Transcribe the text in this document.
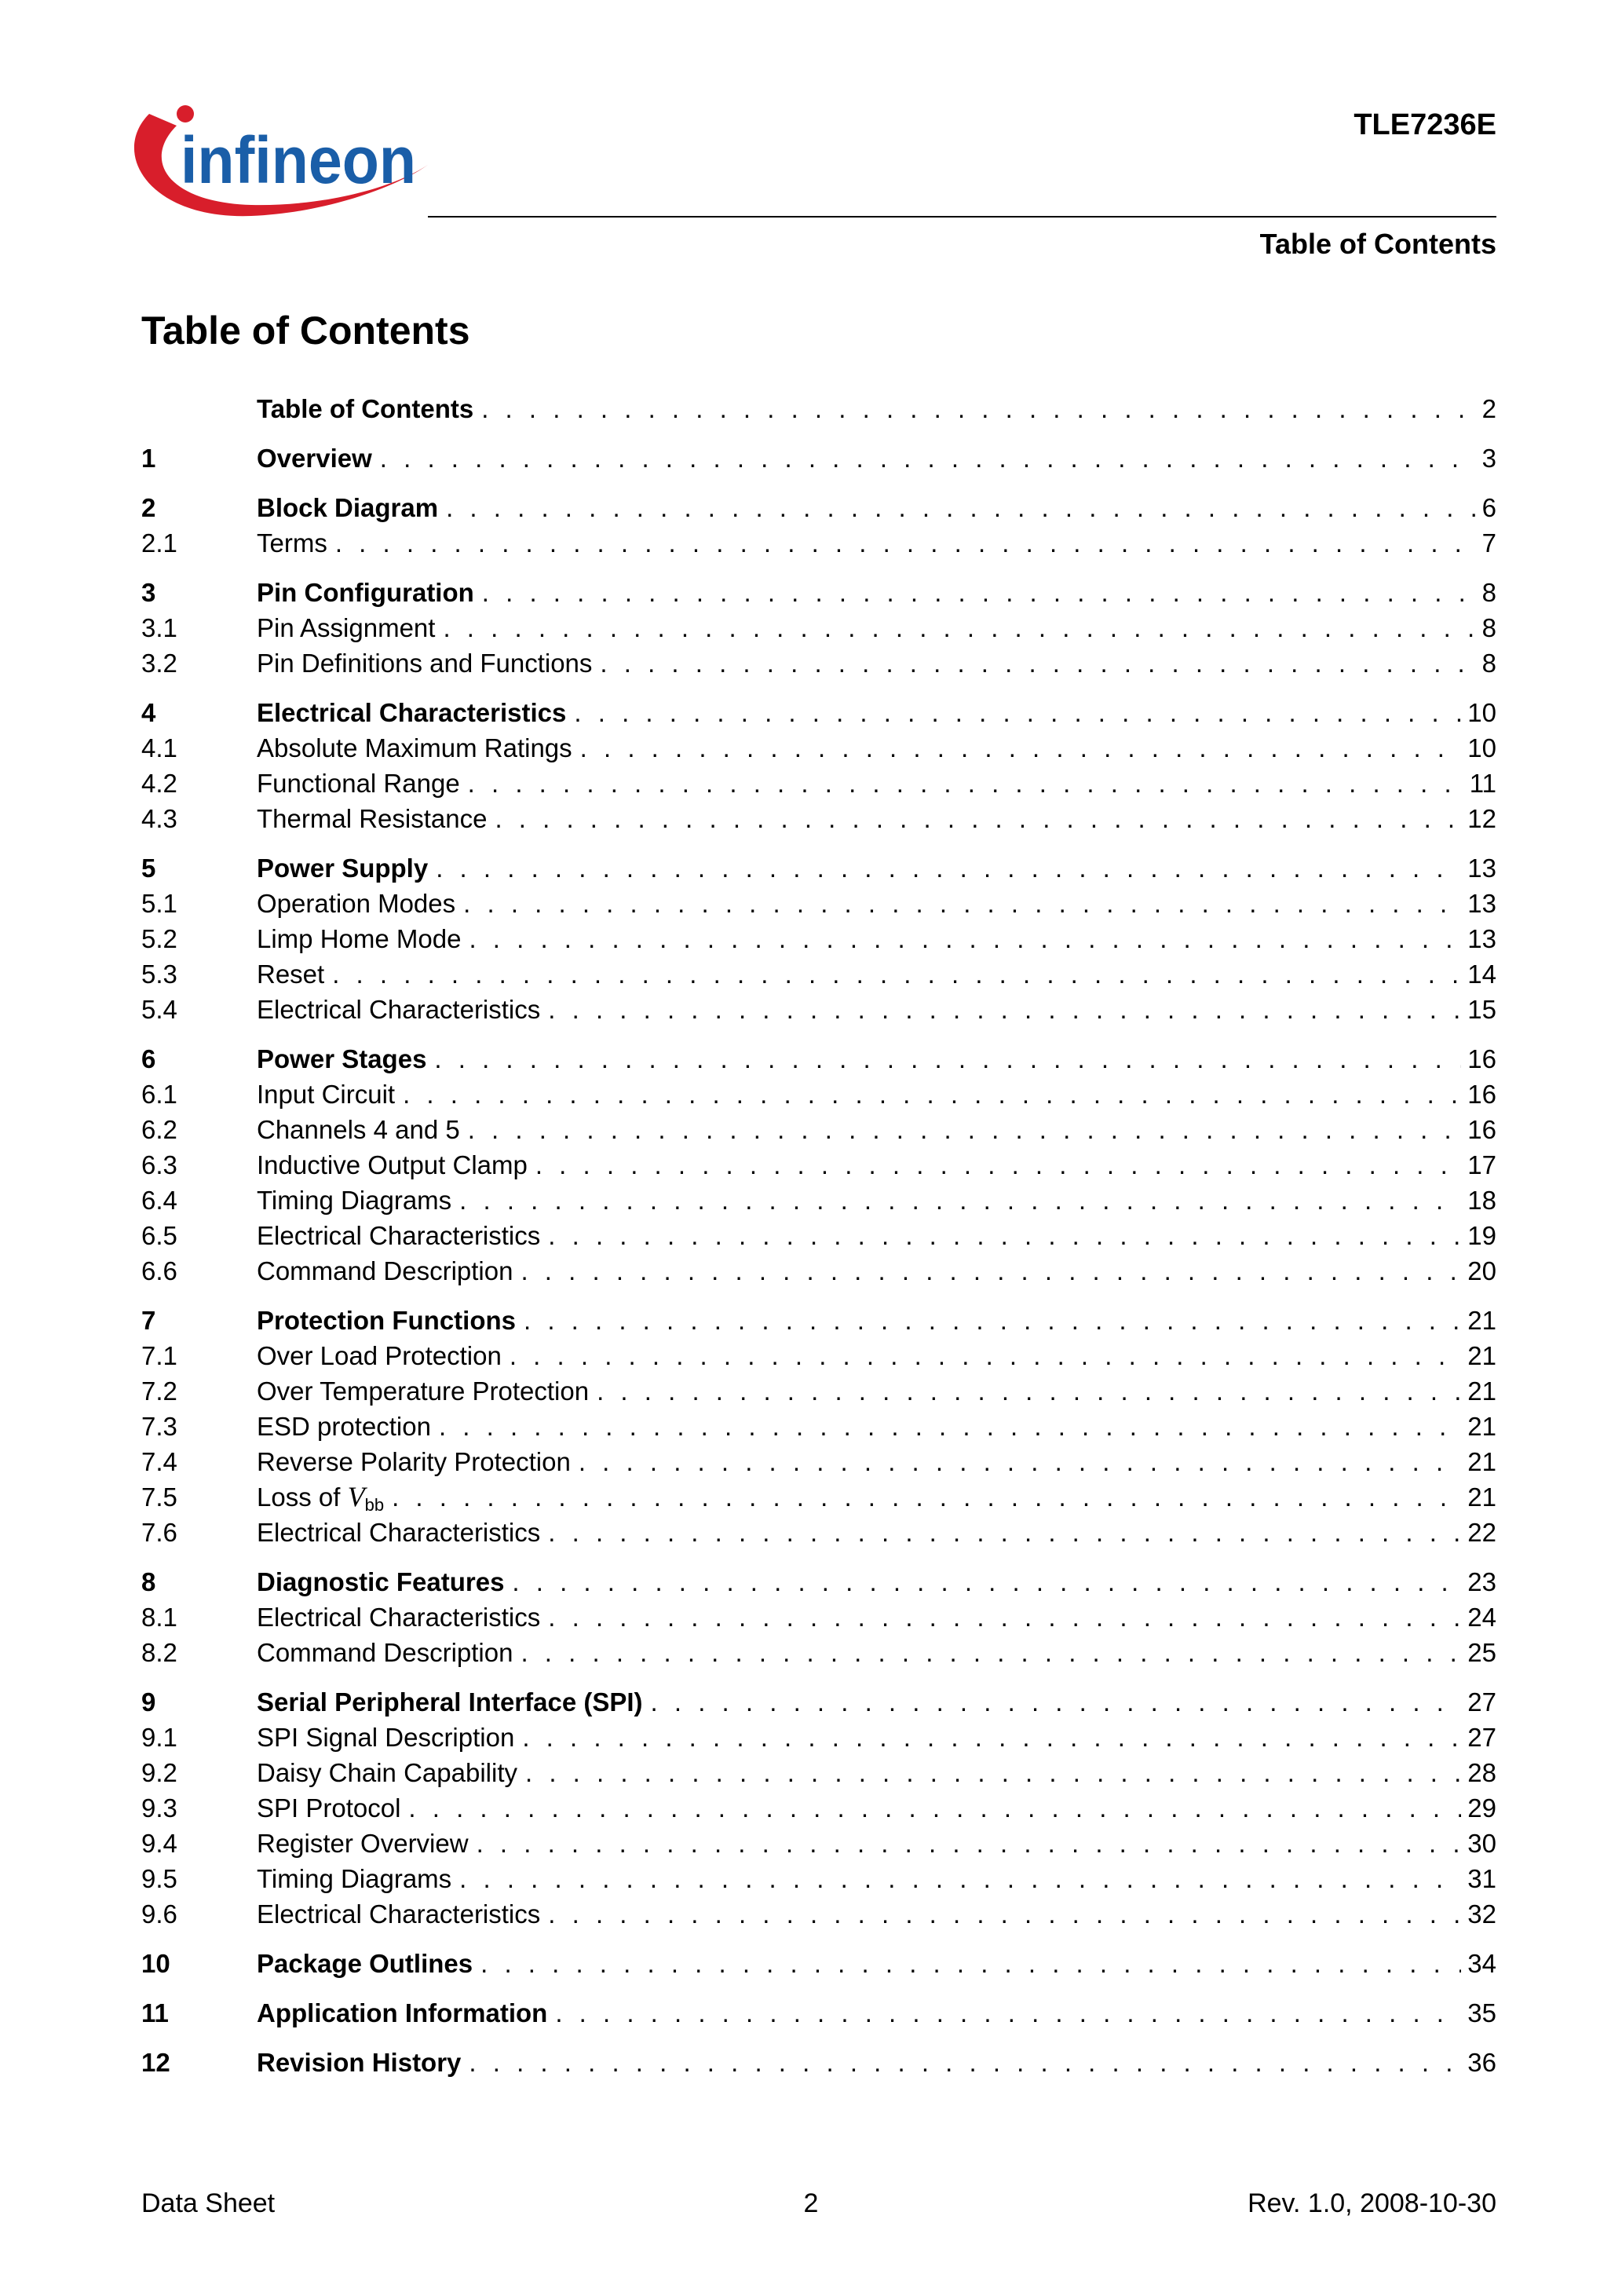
infineon	TLE7236E
Table of Contents
Table of Contents
Table of Contents . . .	2
1	Overview . . .	3
2	Block Diagram . . .	6
2.1	Terms . . .	7
3	Pin Configuration . . .	8
3.1	Pin Assignment . . .	8
3.2	Pin Definitions and Functions . . .	8
4	Electrical Characteristics . . .	10
4.1	Absolute Maximum Ratings . . .	10
4.2	Functional Range . . .	11
4.3	Thermal Resistance . . .	12
5	Power Supply . . .	13
5.1	Operation Modes . . .	13
5.2	Limp Home Mode . . .	13
5.3	Reset . . .	14
5.4	Electrical Characteristics . . .	15
6	Power Stages . . .	16
6.1	Input Circuit . . .	16
6.2	Channels 4 and 5 . . .	16
6.3	Inductive Output Clamp . . .	17
6.4	Timing Diagrams . . .	18
6.5	Electrical Characteristics . . .	19
6.6	Command Description . . .	20
7	Protection Functions . . .	21
7.1	Over Load Protection . . .	21
7.2	Over Temperature Protection . . .	21
7.3	ESD protection . . .	21
7.4	Reverse Polarity Protection . . .	21
7.5	Loss of Vbb . . .	21
7.6	Electrical Characteristics . . .	22
8	Diagnostic Features . . .	23
8.1	Electrical Characteristics . . .	24
8.2	Command Description . . .	25
9	Serial Peripheral Interface (SPI) . . .	27
9.1	SPI Signal Description . . .	27
9.2	Daisy Chain Capability . . .	28
9.3	SPI Protocol . . .	29
9.4	Register Overview . . .	30
9.5	Timing Diagrams . . .	31
9.6	Electrical Characteristics . . .	32
10	Package Outlines . . .	34
11	Application Information . . .	35
12	Revision History . . .	36
Data Sheet	2	Rev. 1.0, 2008-10-30
